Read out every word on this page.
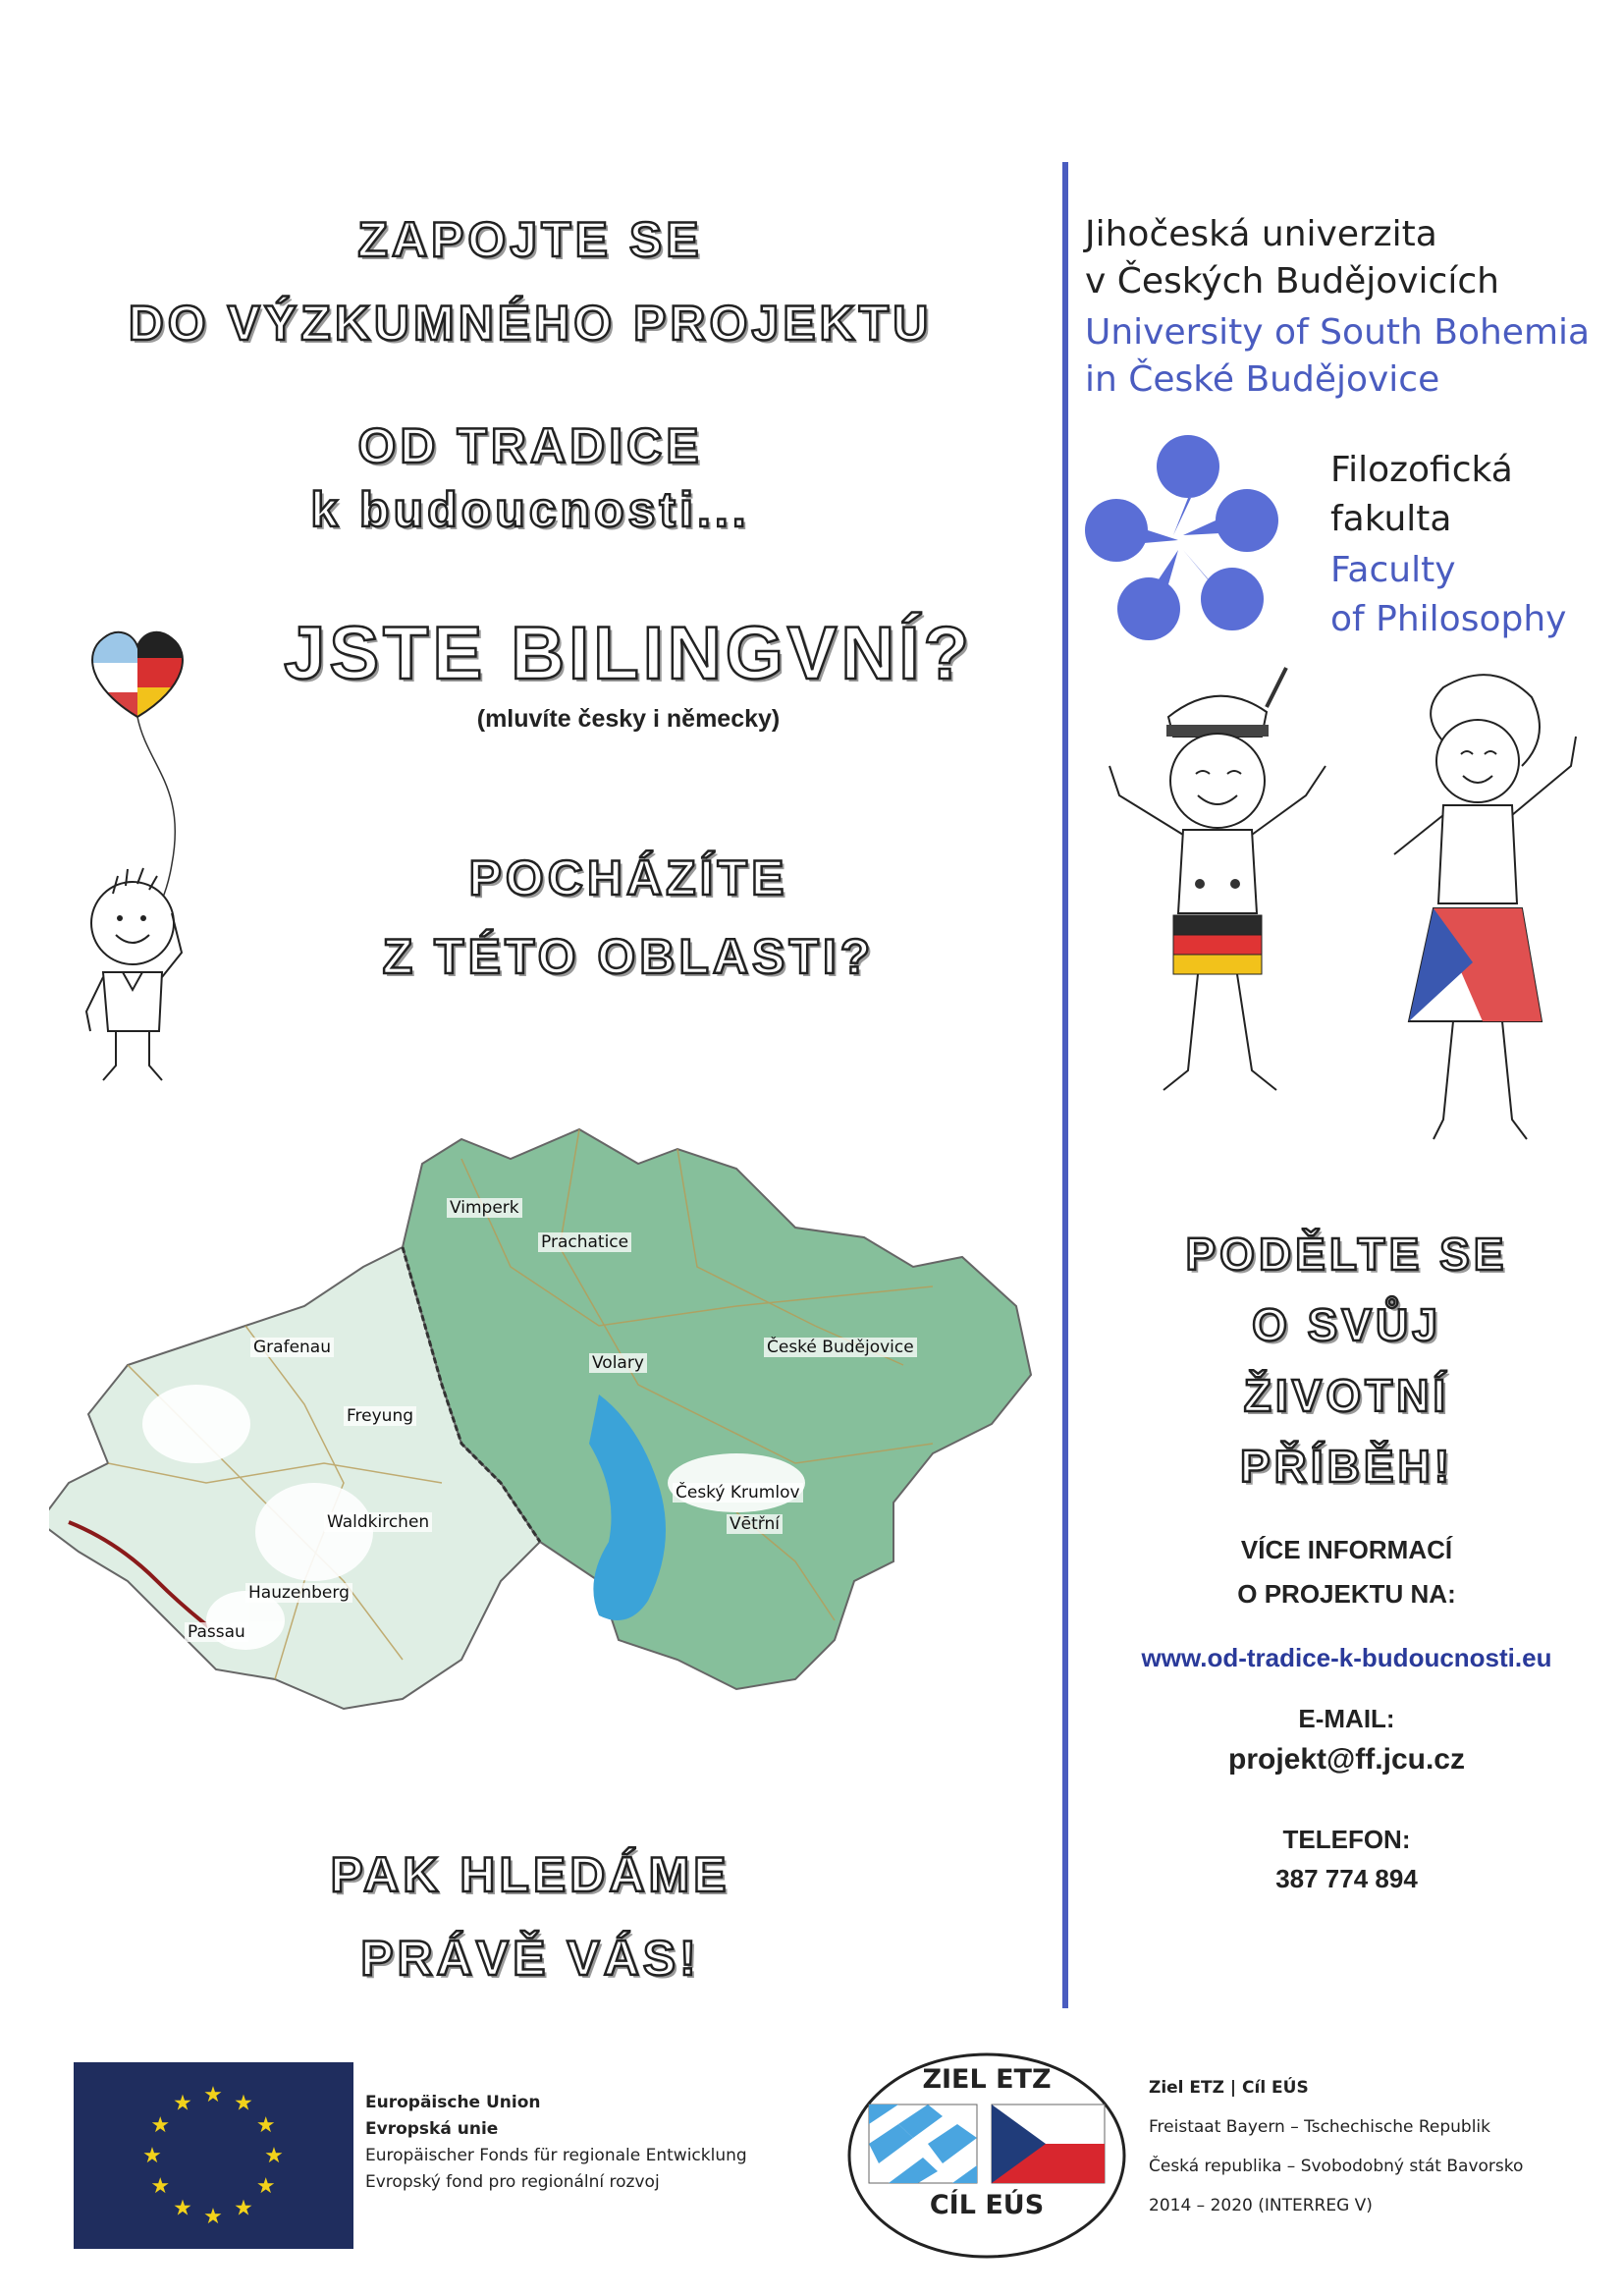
ZAPOJTE SE
DO VÝZKUMNÉHO PROJEKTU
OD TRADICE
k budoucnosti...
JSTE BILINGVNÍ?
(mluvíte česky i německy)
POCHÁZÍTE
Z TÉTO OBLASTI?
PAK HLEDÁME
PRÁVĚ VÁS!
Vimperk
Prachatice
Grafenau
Volary
České Budějovice
Freyung
Český Krumlov
Vētřní
Waldkirchen
Hauzenberg
Passau
Jihočeská univerzita
v Českých Budějovicích
University of South Bohemia
in České Budějovice
Filozofická
fakulta
Faculty
of Philosophy
PODĚLTE SE
O SVŮJ
ŽIVOTNÍ
PŘÍBĚH!
VÍCE INFORMACÍ
O PROJEKTU NA:
www.od-tradice-k-budoucnosti.eu
E-MAIL:
projekt@ff.jcu.cz
TELEFON:
387 774 894
★
★
★
★
★
★
★
★
★ ★ ★
★
Europäische Union
Evropská unie
Europäischer Fonds für regionale Entwicklung
Evropský fond pro regionální rozvoj
ZIEL ETZ
CÍL EÚS
Ziel ETZ | Cíl EÚS
Freistaat Bayern – Tschechische Republik
Česká republika – Svobodobný stát Bavorsko
2014 – 2020 (INTERREG V)
